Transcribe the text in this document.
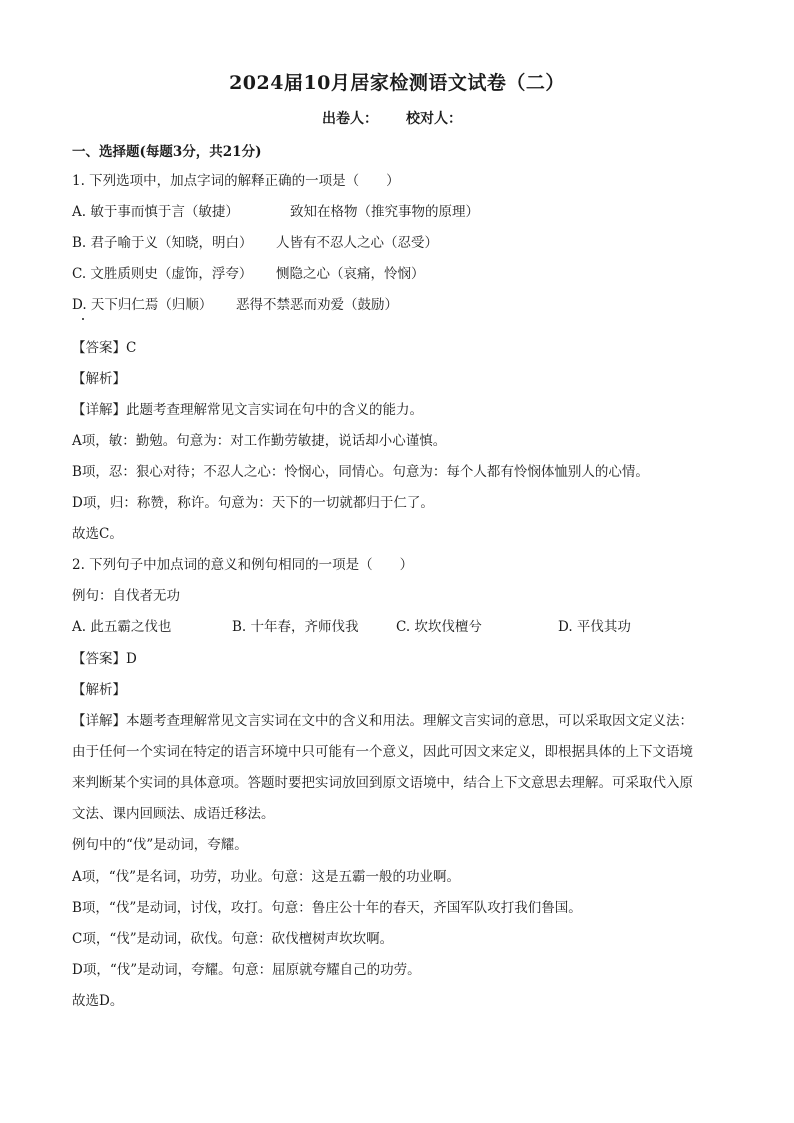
2024届10月居家检测语文试卷（二）
出卷人： 校对人：
一、选择题(每题3分，共21分)
1. 下列选项中，加点字词的解释正确的一项是（　　）
A. 敏于事而慎于言（敏捷）	致知在格物（推究事物的原理）
B. 君子喻于义（知晓，明白） 人皆有不忍人之心（忍受）
C. 文胜质则史（虚饰，浮夸） 恻隐之心（哀痛，怜悯）
D. 天下归仁焉（归顺） 恶得不禁恶而劝爱（鼓励）
【答案】C
【解析】
【详解】此题考查理解常见文言实词在句中的含义的能力。
A项，敏：勤勉。句意为：对工作勤劳敏捷，说话却小心谨慎。
B项，忍：狠心对待；不忍人之心：怜悯心，同情心。句意为：每个人都有怜悯体恤别人的心情。
D项，归：称赞，称许。句意为：天下的一切就都归于仁了。
故选C。
2. 下列句子中加点词的意义和例句相同的一项是（　　）
例句：自伐者无功
A. 此五霸之伐也	B. 十年春，齐师伐我	C. 坎坎伐檀兮	D. 平伐其功
【答案】D
【解析】
【详解】本题考查理解常见文言实词在文中的含义和用法。理解文言实词的意思，可以采取因文定义法：
由于任何一个实词在特定的语言环境中只可能有一个意义，因此可因文来定义，即根据具体的上下文语境
来判断某个实词的具体意项。答题时要把实词放回到原文语境中，结合上下文意思去理解。可采取代入原
文法、课内回顾法、成语迁移法。
例句中的“伐”是动词，夸耀。
A项，“伐”是名词，功劳，功业。句意：这是五霸一般的功业啊。
B项，“伐”是动词，讨伐，攻打。句意：鲁庄公十年的春天，齐国军队攻打我们鲁国。
C项，“伐”是动词，砍伐。句意：砍伐檀树声坎坎啊。
D项，“伐”是动词，夸耀。句意：屈原就夸耀自己的功劳。
故选D。
